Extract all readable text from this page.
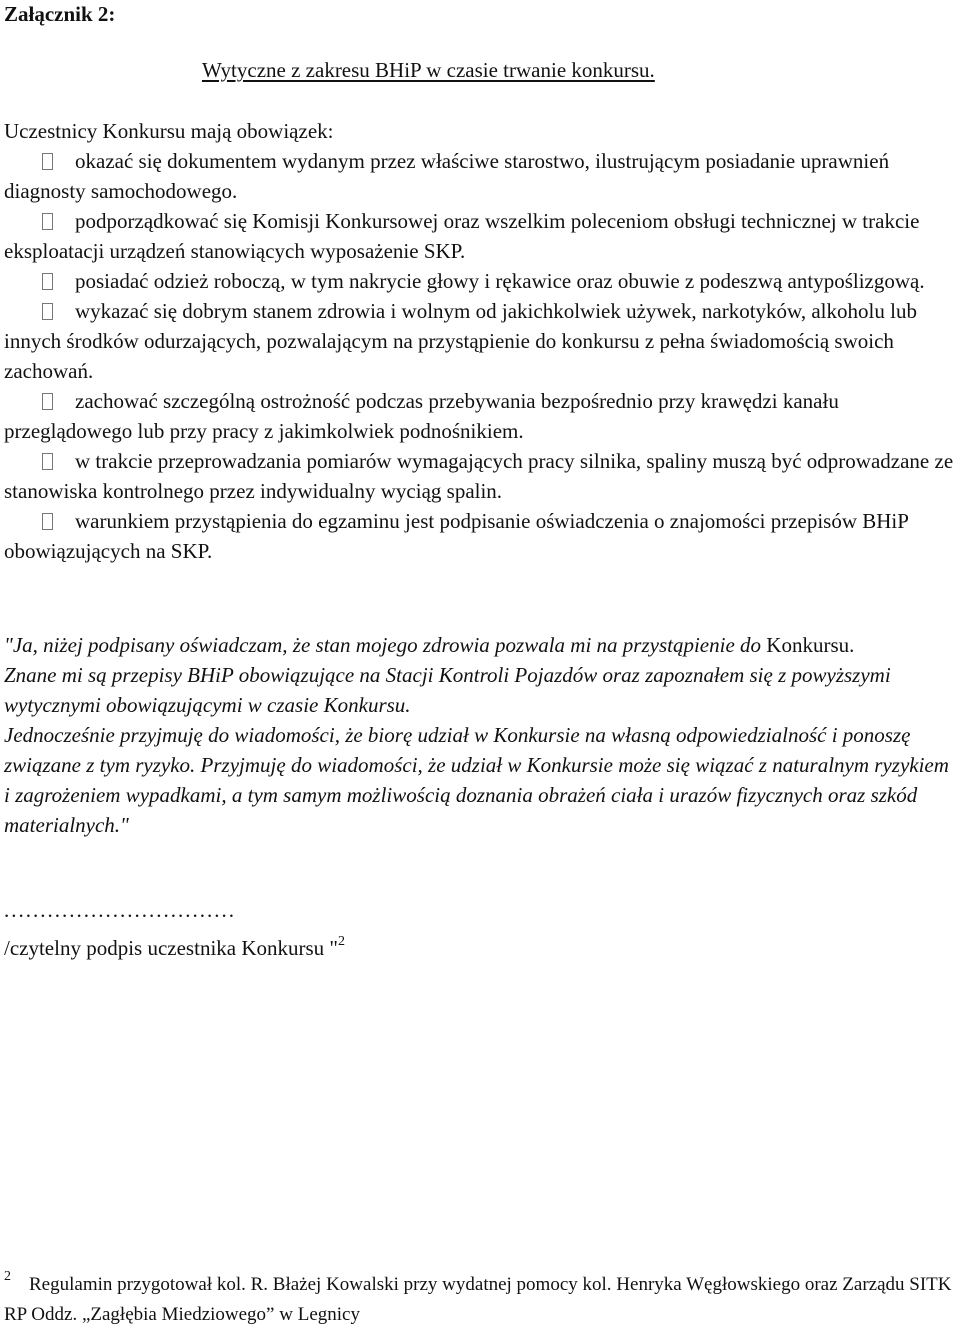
Załącznik 2:
Wytyczne z zakresu BHiP w czasie trwanie konkursu.
Uczestnicy Konkursu mają obowiązek:
okazać się dokumentem wydanym przez właściwe starostwo, ilustrującym posiadanie uprawnień diagnosty samochodowego.
podporządkować się Komisji Konkursowej oraz wszelkim poleceniom obsługi technicznej w trakcie eksploatacji urządzeń stanowiących wyposażenie SKP.
posiadać odzież roboczą, w tym nakrycie głowy i rękawice oraz obuwie z podeszwą antypoślizgową.
wykazać się dobrym stanem zdrowia i wolnym od jakichkolwiek używek, narkotyków, alkoholu lub innych środków odurzających, pozwalającym na przystąpienie do konkursu z pełna świadomością swoich zachowań.
zachować szczególną ostrożność podczas przebywania bezpośrednio przy krawędzi kanału przeglądowego lub przy pracy z jakimkolwiek podnośnikiem.
w trakcie przeprowadzania pomiarów wymagających pracy silnika, spaliny muszą być odprowadzane ze stanowiska kontrolnego przez indywidualny wyciąg spalin.
warunkiem przystąpienia do egzaminu jest podpisanie oświadczenia o znajomości przepisów BHiP obowiązujących na SKP.

"Ja, niżej podpisany oświadczam, że stan mojego zdrowia pozwala mi na przystąpienie do Konkursu.

Znane mi są przepisy BHiP obowiązujące na Stacji Kontroli Pojazdów oraz zapoznałem się z powyższymi wytycznymi obowiązującymi w czasie Konkursu.

Jednocześnie przyjmuję do wiadomości, że biorę udział w Konkursie na własną odpowiedzialność i ponoszę związane z tym ryzyko. Przyjmuję do wiadomości, że udział w Konkursie może się wiązać z naturalnym ryzykiem i zagrożeniem wypadkami, a tym samym możliwością doznania obrażeń ciała i urazów fizycznych oraz szkód materialnych."

................................
/czytelny podpis uczestnika Konkursu "$^2$
$^2$ Regulamin przygotował kol. R. Błażej Kowalski przy wydatnej pomocy kol. Henryka Węgłowskiego oraz Zarządu SITK RP Oddz. „Zagłębia Miedziowego” w Legnicy
